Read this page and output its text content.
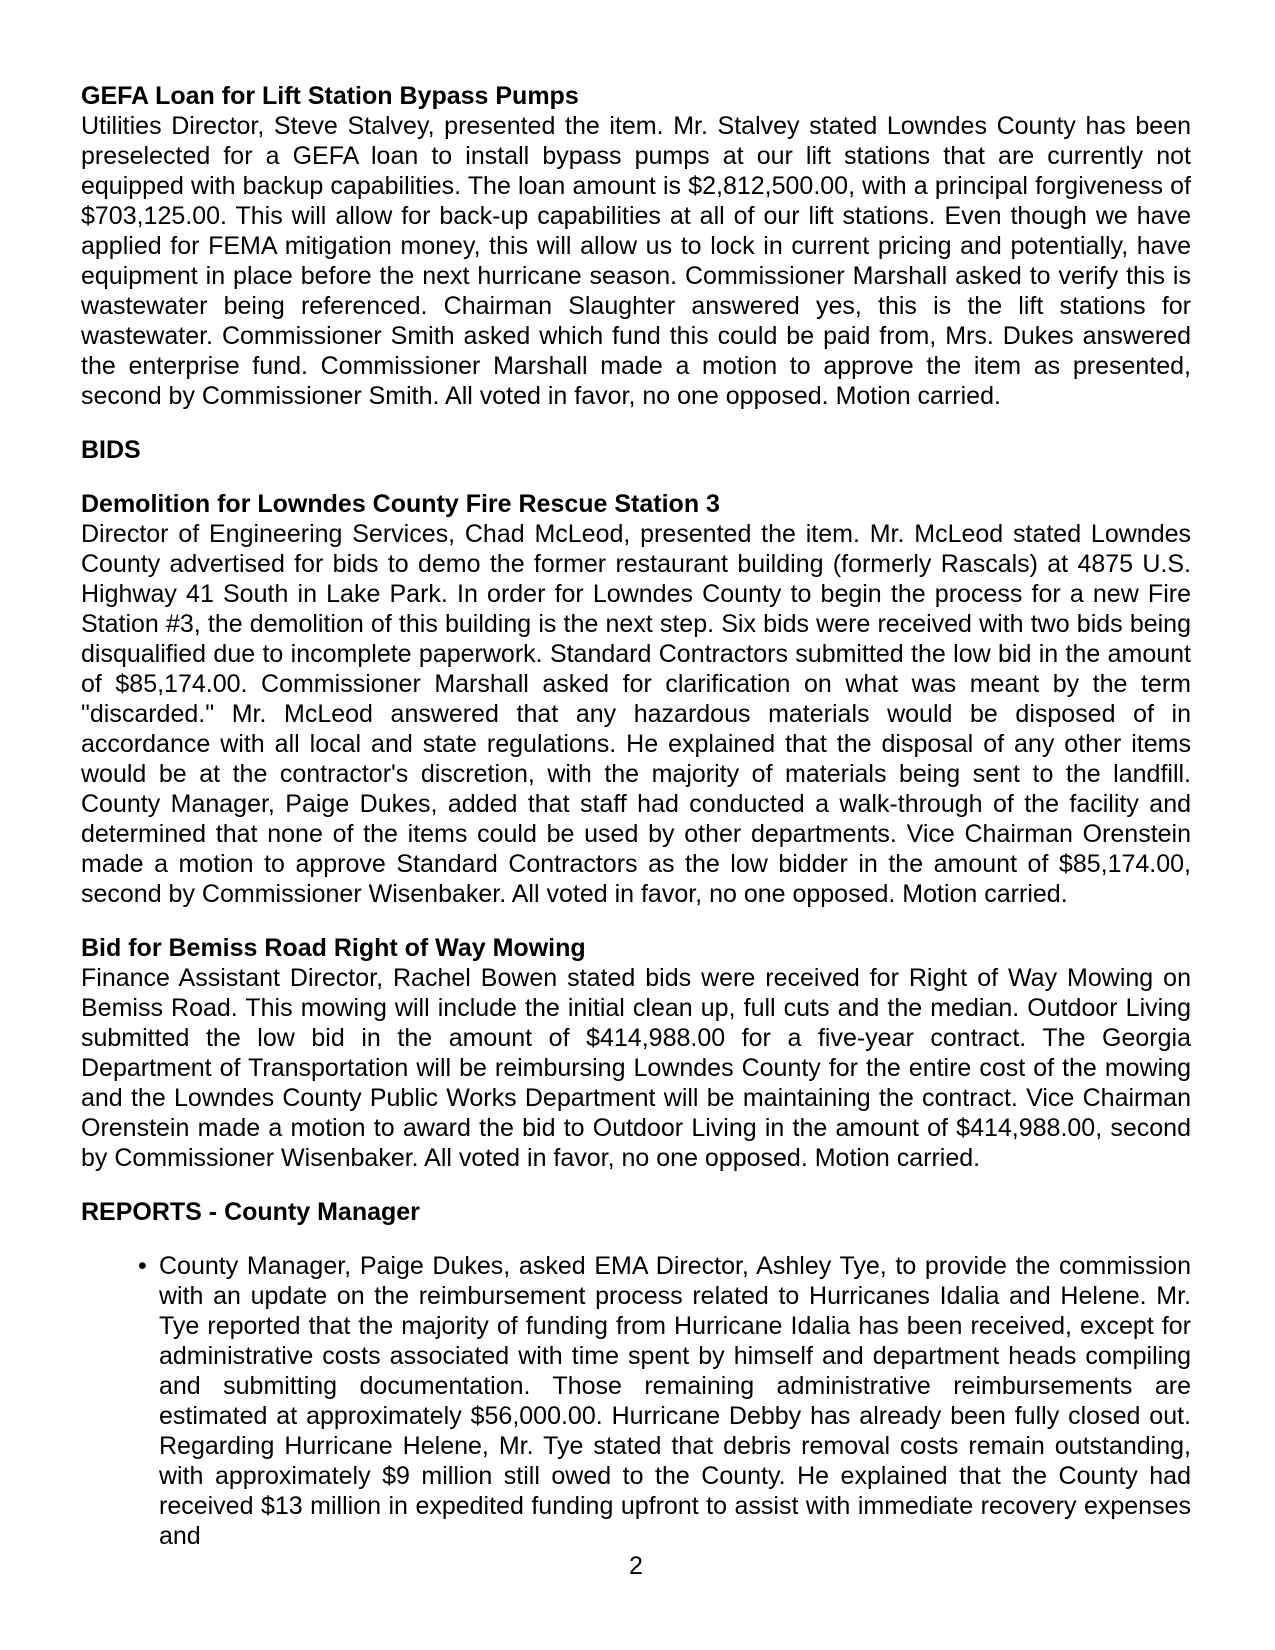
GEFA Loan for Lift Station Bypass Pumps

Utilities Director, Steve Stalvey, presented the item. Mr. Stalvey stated Lowndes County has been preselected for a GEFA loan to install bypass pumps at our lift stations that are currently not equipped with backup capabilities. The loan amount is $2,812,500.00, with a principal forgiveness of $703,125.00. This will allow for back-up capabilities at all of our lift stations. Even though we have applied for FEMA mitigation money, this will allow us to lock in current pricing and potentially, have equipment in place before the next hurricane season. Commissioner Marshall asked to verify this is wastewater being referenced. Chairman Slaughter answered yes, this is the lift stations for wastewater. Commissioner Smith asked which fund this could be paid from, Mrs. Dukes answered the enterprise fund. Commissioner Marshall made a motion to approve the item as presented, second by Commissioner Smith. All voted in favor, no one opposed. Motion carried.

BIDS
Demolition for Lowndes County Fire Rescue Station 3

Director of Engineering Services, Chad McLeod, presented the item. Mr. McLeod stated Lowndes County advertised for bids to demo the former restaurant building (formerly Rascals) at 4875 U.S. Highway 41 South in Lake Park. In order for Lowndes County to begin the process for a new Fire Station #3, the demolition of this building is the next step. Six bids were received with two bids being disqualified due to incomplete paperwork. Standard Contractors submitted the low bid in the amount of $85,174.00. Commissioner Marshall asked for clarification on what was meant by the term "discarded." Mr. McLeod answered that any hazardous materials would be disposed of in accordance with all local and state regulations. He explained that the disposal of any other items would be at the contractor's discretion, with the majority of materials being sent to the landfill. County Manager, Paige Dukes, added that staff had conducted a walk-through of the facility and determined that none of the items could be used by other departments. Vice Chairman Orenstein made a motion to approve Standard Contractors as the low bidder in the amount of $85,174.00, second by Commissioner Wisenbaker. All voted in favor, no one opposed. Motion carried.

Bid for Bemiss Road Right of Way Mowing

Finance Assistant Director, Rachel Bowen stated bids were received for Right of Way Mowing on Bemiss Road. This mowing will include the initial clean up, full cuts and the median. Outdoor Living submitted the low bid in the amount of $414,988.00 for a five-year contract. The Georgia Department of Transportation will be reimbursing Lowndes County for the entire cost of the mowing and the Lowndes County Public Works Department will be maintaining the contract. Vice Chairman Orenstein made a motion to award the bid to Outdoor Living in the amount of $414,988.00, second by Commissioner Wisenbaker. All voted in favor, no one opposed. Motion carried.

REPORTS - County Manager
• County Manager, Paige Dukes, asked EMA Director, Ashley Tye, to provide the commission with an update on the reimbursement process related to Hurricanes Idalia and Helene. Mr. Tye reported that the majority of funding from Hurricane Idalia has been received, except for administrative costs associated with time spent by himself and department heads compiling and submitting documentation. Those remaining administrative reimbursements are estimated at approximately $56,000.00. Hurricane Debby has already been fully closed out. Regarding Hurricane Helene, Mr. Tye stated that debris removal costs remain outstanding, with approximately $9 million still owed to the County. He explained that the County had received $13 million in expedited funding upfront to assist with immediate recovery expenses and
2
